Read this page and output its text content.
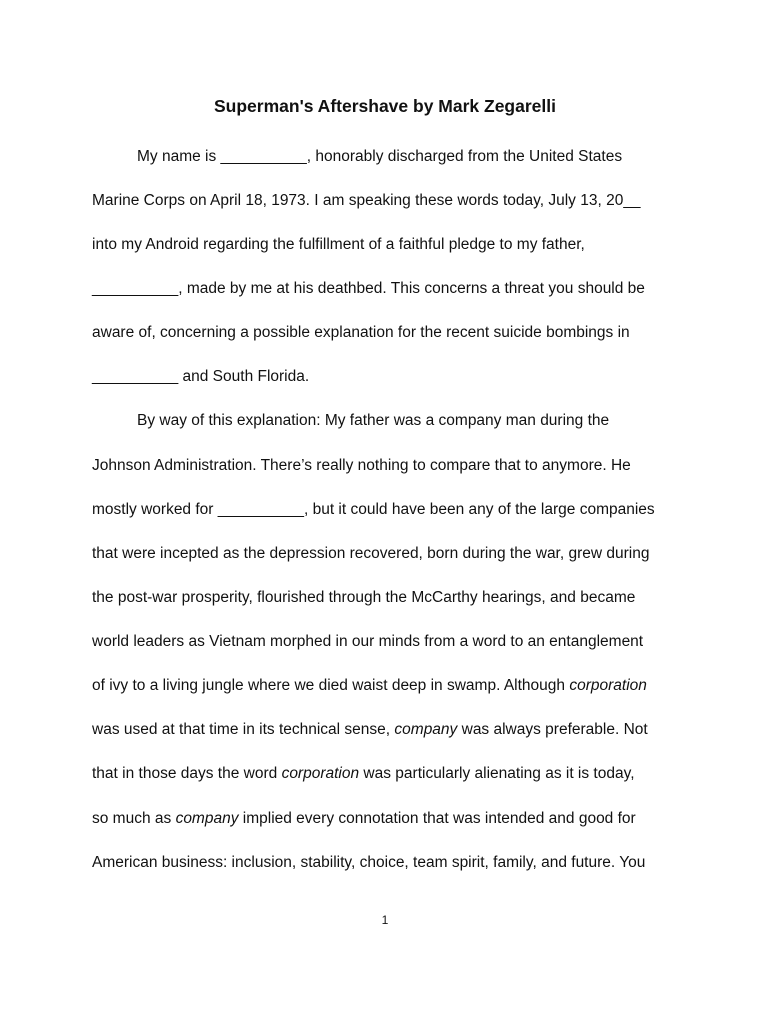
Superman's Aftershave by Mark Zegarelli

My name is __________, honorably discharged from the United States

Marine Corps on April 18, 1973. I am speaking these words today, July 13, 20__

into my Android regarding the fulfillment of a faithful pledge to my father,

__________, made by me at his deathbed. This concerns a threat you should be

aware of, concerning a possible explanation for the recent suicide bombings in

__________ and South Florida.

By way of this explanation: My father was a company man during the

Johnson Administration. There’s really nothing to compare that to anymore. He

mostly worked for __________, but it could have been any of the large companies

that were incepted as the depression recovered, born during the war, grew during

the post-war prosperity, flourished through the McCarthy hearings, and became

world leaders as Vietnam morphed in our minds from a word to an entanglement

of ivy to a living jungle where we died waist deep in swamp. Although corporation

was used at that time in its technical sense, company was always preferable. Not

that in those days the word corporation was particularly alienating as it is today,

so much as company implied every connotation that was intended and good for

American business: inclusion, stability, choice, team spirit, family, and future. You

1
